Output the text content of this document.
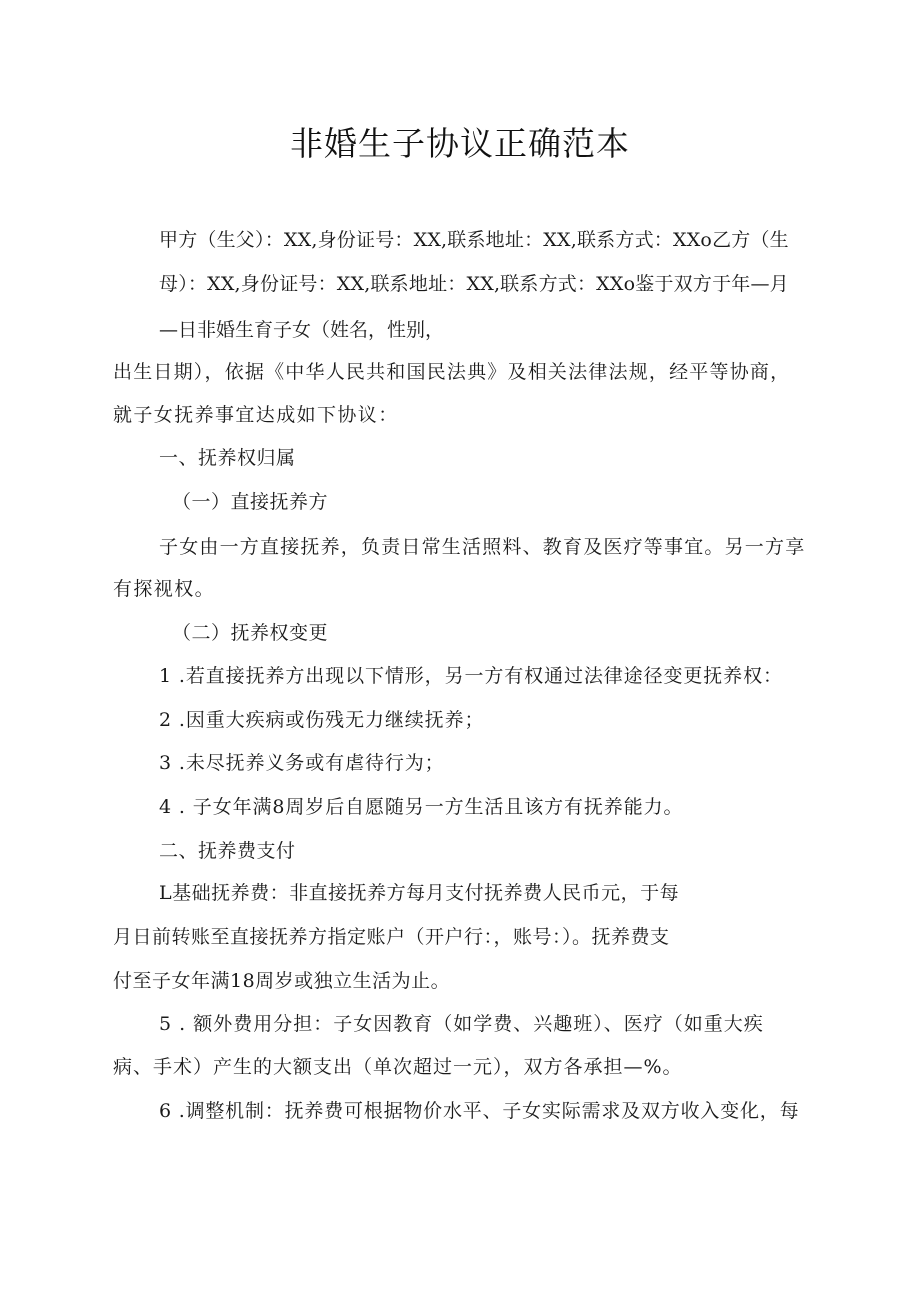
非婚生子协议正确范本
甲方（生父）：XX,身份证号：XX,联系地址：XX,联系方式：XXo乙方（生
母）：XX,身份证号：XX,联系地址：XX,联系方式：XXo鉴于双方于年—月
—日非婚生育子女（姓名，性别，
出生日期），依据《中华人民共和国民法典》及相关法律法规，经平等协商，
就子女抚养事宜达成如下协议：
一、抚养权归属
（一）直接抚养方
子女由一方直接抚养，负责日常生活照料、教育及医疗等事宜。另一方享
有探视权。
（二）抚养权变更
1 .若直接抚养方出现以下情形，另一方有权通过法律途径变更抚养权：
2 .因重大疾病或伤残无力继续抚养；
3 .未尽抚养义务或有虐待行为；
4 . 子女年满8周岁后自愿随另一方生活且该方有抚养能力。
二、抚养费支付
L基础抚养费：非直接抚养方每月支付抚养费人民币元，于每
月日前转账至直接抚养方指定账户（开户行：，账号：）。抚养费支
付至子女年满18周岁或独立生活为止。
5 . 额外费用分担：子女因教育（如学费、兴趣班）、医疗（如重大疾
病、手术）产生的大额支出（单次超过一元），双方各承担—%。
6 .调整机制：抚养费可根据物价水平、子女实际需求及双方收入变化，每
